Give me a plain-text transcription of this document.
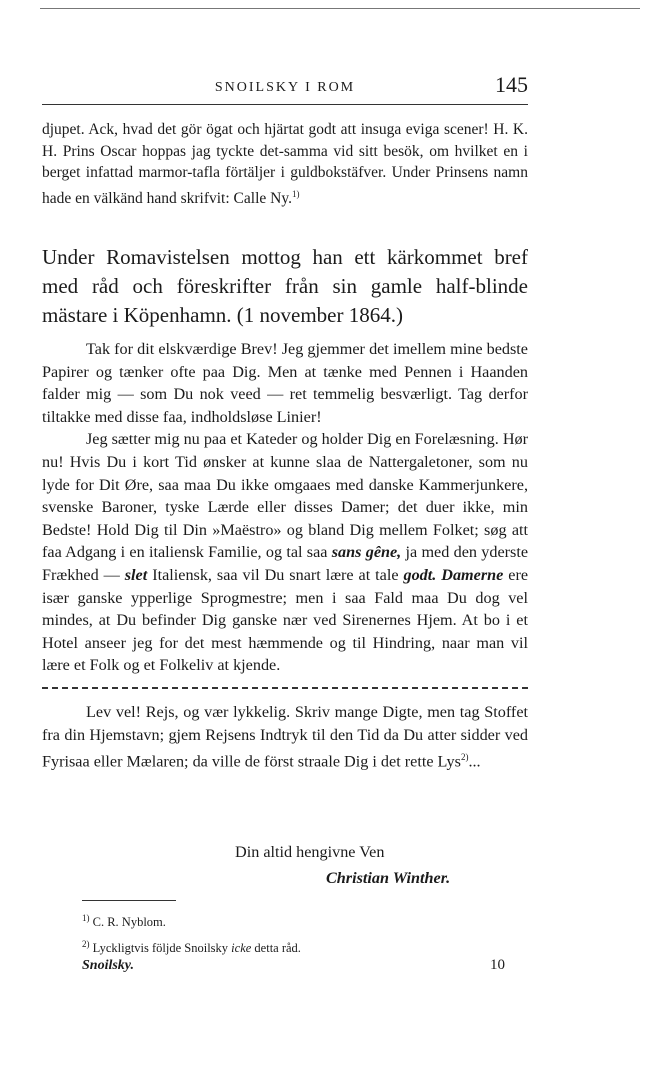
SNOILSKY I ROM	145
djupet. Ack, hvad det gör ögat och hjärtat godt att insuga eviga scener! H. K. H. Prins Oscar hoppas jag tyckte det-samma vid sitt besök, om hvilket en i berget infattad marmor-tafla förtäljer i guldbokstäfver. Under Prinsens namn hade en välkänd hand skrifvit: Calle Ny.$^{1)}$
Under Romavistelsen mottog han ett kärkommet bref med råd och föreskrifter från sin gamle half-blinde mästare i Köpenhamn. (1 november 1864.)

Tak for dit elskværdige Brev! Jeg gjemmer det imellem mine bedste Papirer og tænker ofte paa Dig. Men at tænke med Pennen i Haanden falder mig — som Du nok veed — ret temmelig besværligt. Tag derfor tiltakke med disse faa, indholdsløse Linier!

Jeg sætter mig nu paa et Kateder og holder Dig en Forelæsning. Hør nu! Hvis Du i kort Tid ønsker at kunne slaa de Nattergaletoner, som nu lyde for Dit Øre, saa maa Du ikke omgaaes med danske Kammerjunkere, svenske Baroner, tyske Lærde eller disses Damer; det duer ikke, min Bedste! Hold Dig til Din »Maëstro» og bland Dig mellem Folket; søg att faa Adgang i en italiensk Familie, og tal saa sans gêne, ja med den yderste Frækhed — slet Italiensk, saa vil Du snart lære at tale godt. Damerne ere især ganske ypperlige Sprogmestre; men i saa Fald maa Du dog vel mindes, at Du befinder Dig ganske nær ved Sirenernes Hjem. At bo i et Hotel anseer jeg for det mest hæmmende og til Hindring, naar man vil lære et Folk og et Folkeliv at kjende.

Lev vel! Rejs, og vær lykkelig. Skriv mange Digte, men tag Stoffet fra din Hjemstavn; gjem Rejsens Indtryk til den Tid da Du atter sidder ved Fyrisaa eller Mælaren; da ville de först straale Dig i det rette Lys$^{2)}$...

Din altid hengivne Ven
Christian Winther.
$^{1)}$ C. R. Nyblom.
$^{2)}$ Lyckligtvis följde Snoilsky icke detta råd.
Snoilsky.	10
